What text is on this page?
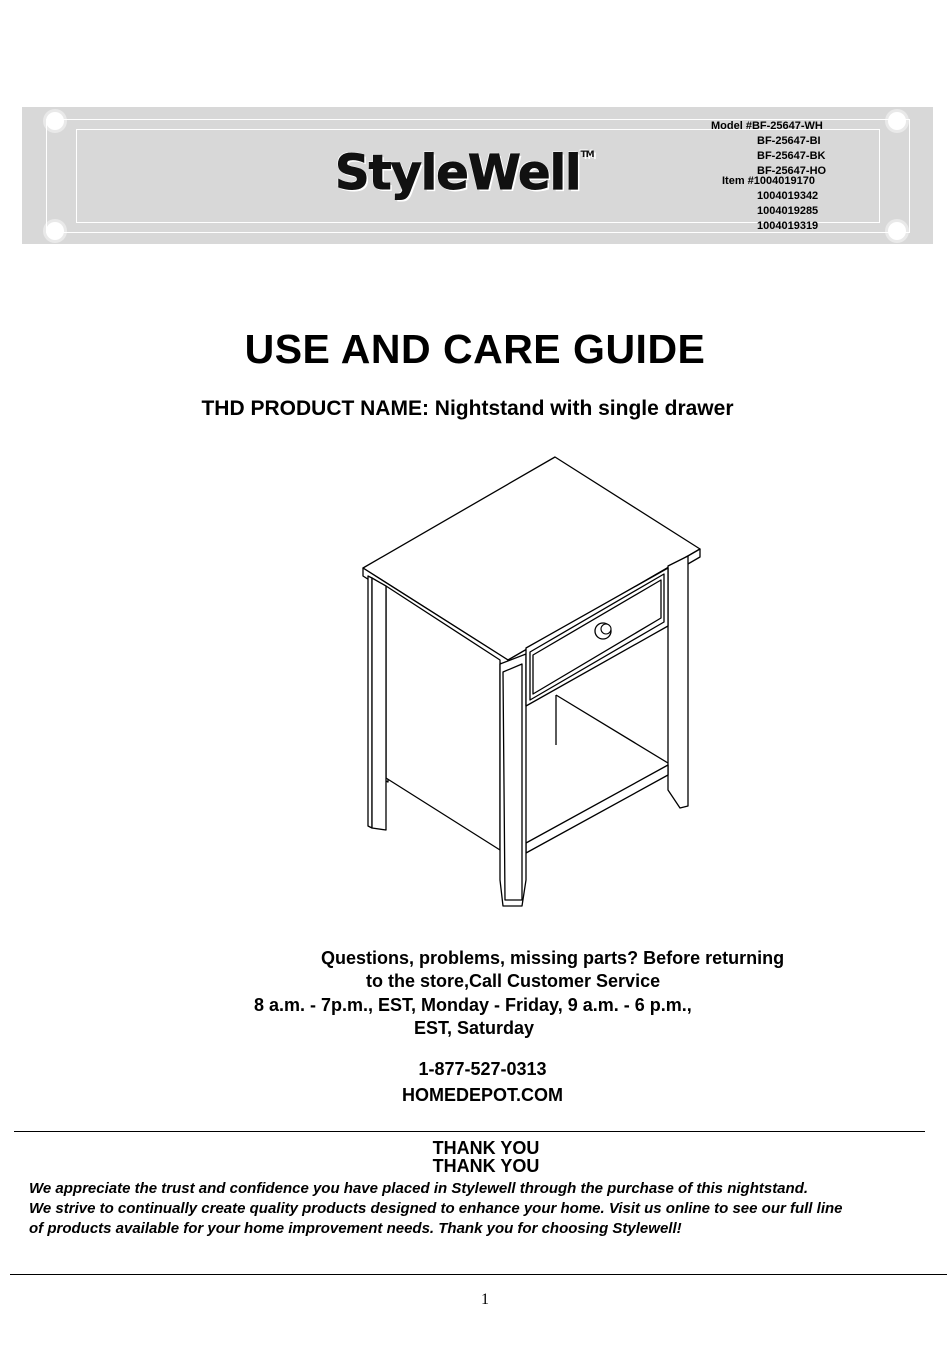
StyleWell™
Model #BF-25647-WH
BF-25647-BI
BF-25647-BK
BF-25647-HO
Item #1004019170
1004019342
1004019285
1004019319
USE AND CARE GUIDE
THD PRODUCT NAME: Nightstand with single drawer
Questions, problems, missing parts? Before returning
to the store,Call Customer Service
8 a.m. - 7p.m., EST, Monday - Friday, 9 a.m. - 6 p.m.,
EST, Saturday
1-877-527-0313
HOMEDEPOT.COM
THANK YOU
THANK YOU
We appreciate the trust and confidence you have placed in Stylewell through the purchase of this nightstand.
We strive to continually create quality products designed to enhance your home. Visit us online to see our full line
of products available for your home improvement needs. Thank you for choosing Stylewell!
1
